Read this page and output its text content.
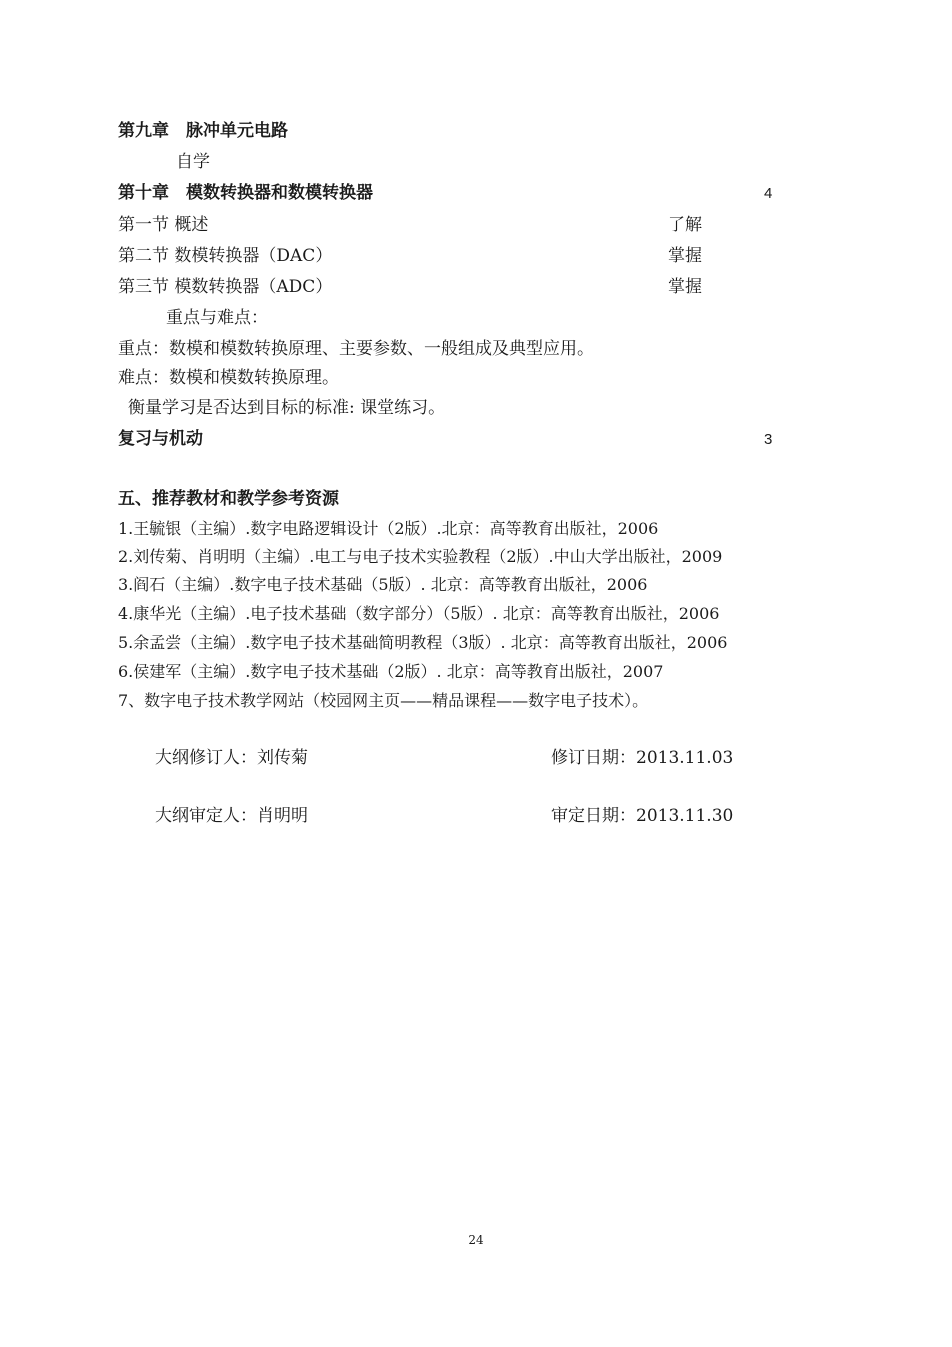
第九章　脉冲单元电路
自学
第十章　模数转换器和数模转换器	4
第一节 概述	了解
第二节 数模转换器（DAC）	掌握
第三节 模数转换器（ADC）	掌握
重点与难点：
重点：数模和模数转换原理、主要参数、一般组成及典型应用。
难点：数模和模数转换原理。
衡量学习是否达到目标的标准: 课堂练习。
复习与机动	3
五、推荐教材和教学参考资源
1.王毓银（主编）.数字电路逻辑设计（2版）.北京：高等教育出版社，2006
2.刘传菊、肖明明（主编）.电工与电子技术实验教程（2版）.中山大学出版社，2009
3.阎石（主编）.数字电子技术基础（5版）. 北京：高等教育出版社，2006
4.康华光（主编）.电子技术基础（数字部分）（5版）. 北京：高等教育出版社，2006
5.余孟尝（主编）.数字电子技术基础简明教程（3版）. 北京：高等教育出版社，2006
6.侯建军（主编）.数字电子技术基础（2版）. 北京：高等教育出版社，2007
7、数字电子技术教学网站（校园网主页——精品课程——数字电子技术）。
大纲修订人：刘传菊	修订日期：2013.11.03
大纲审定人：肖明明	审定日期：2013.11.30
24
